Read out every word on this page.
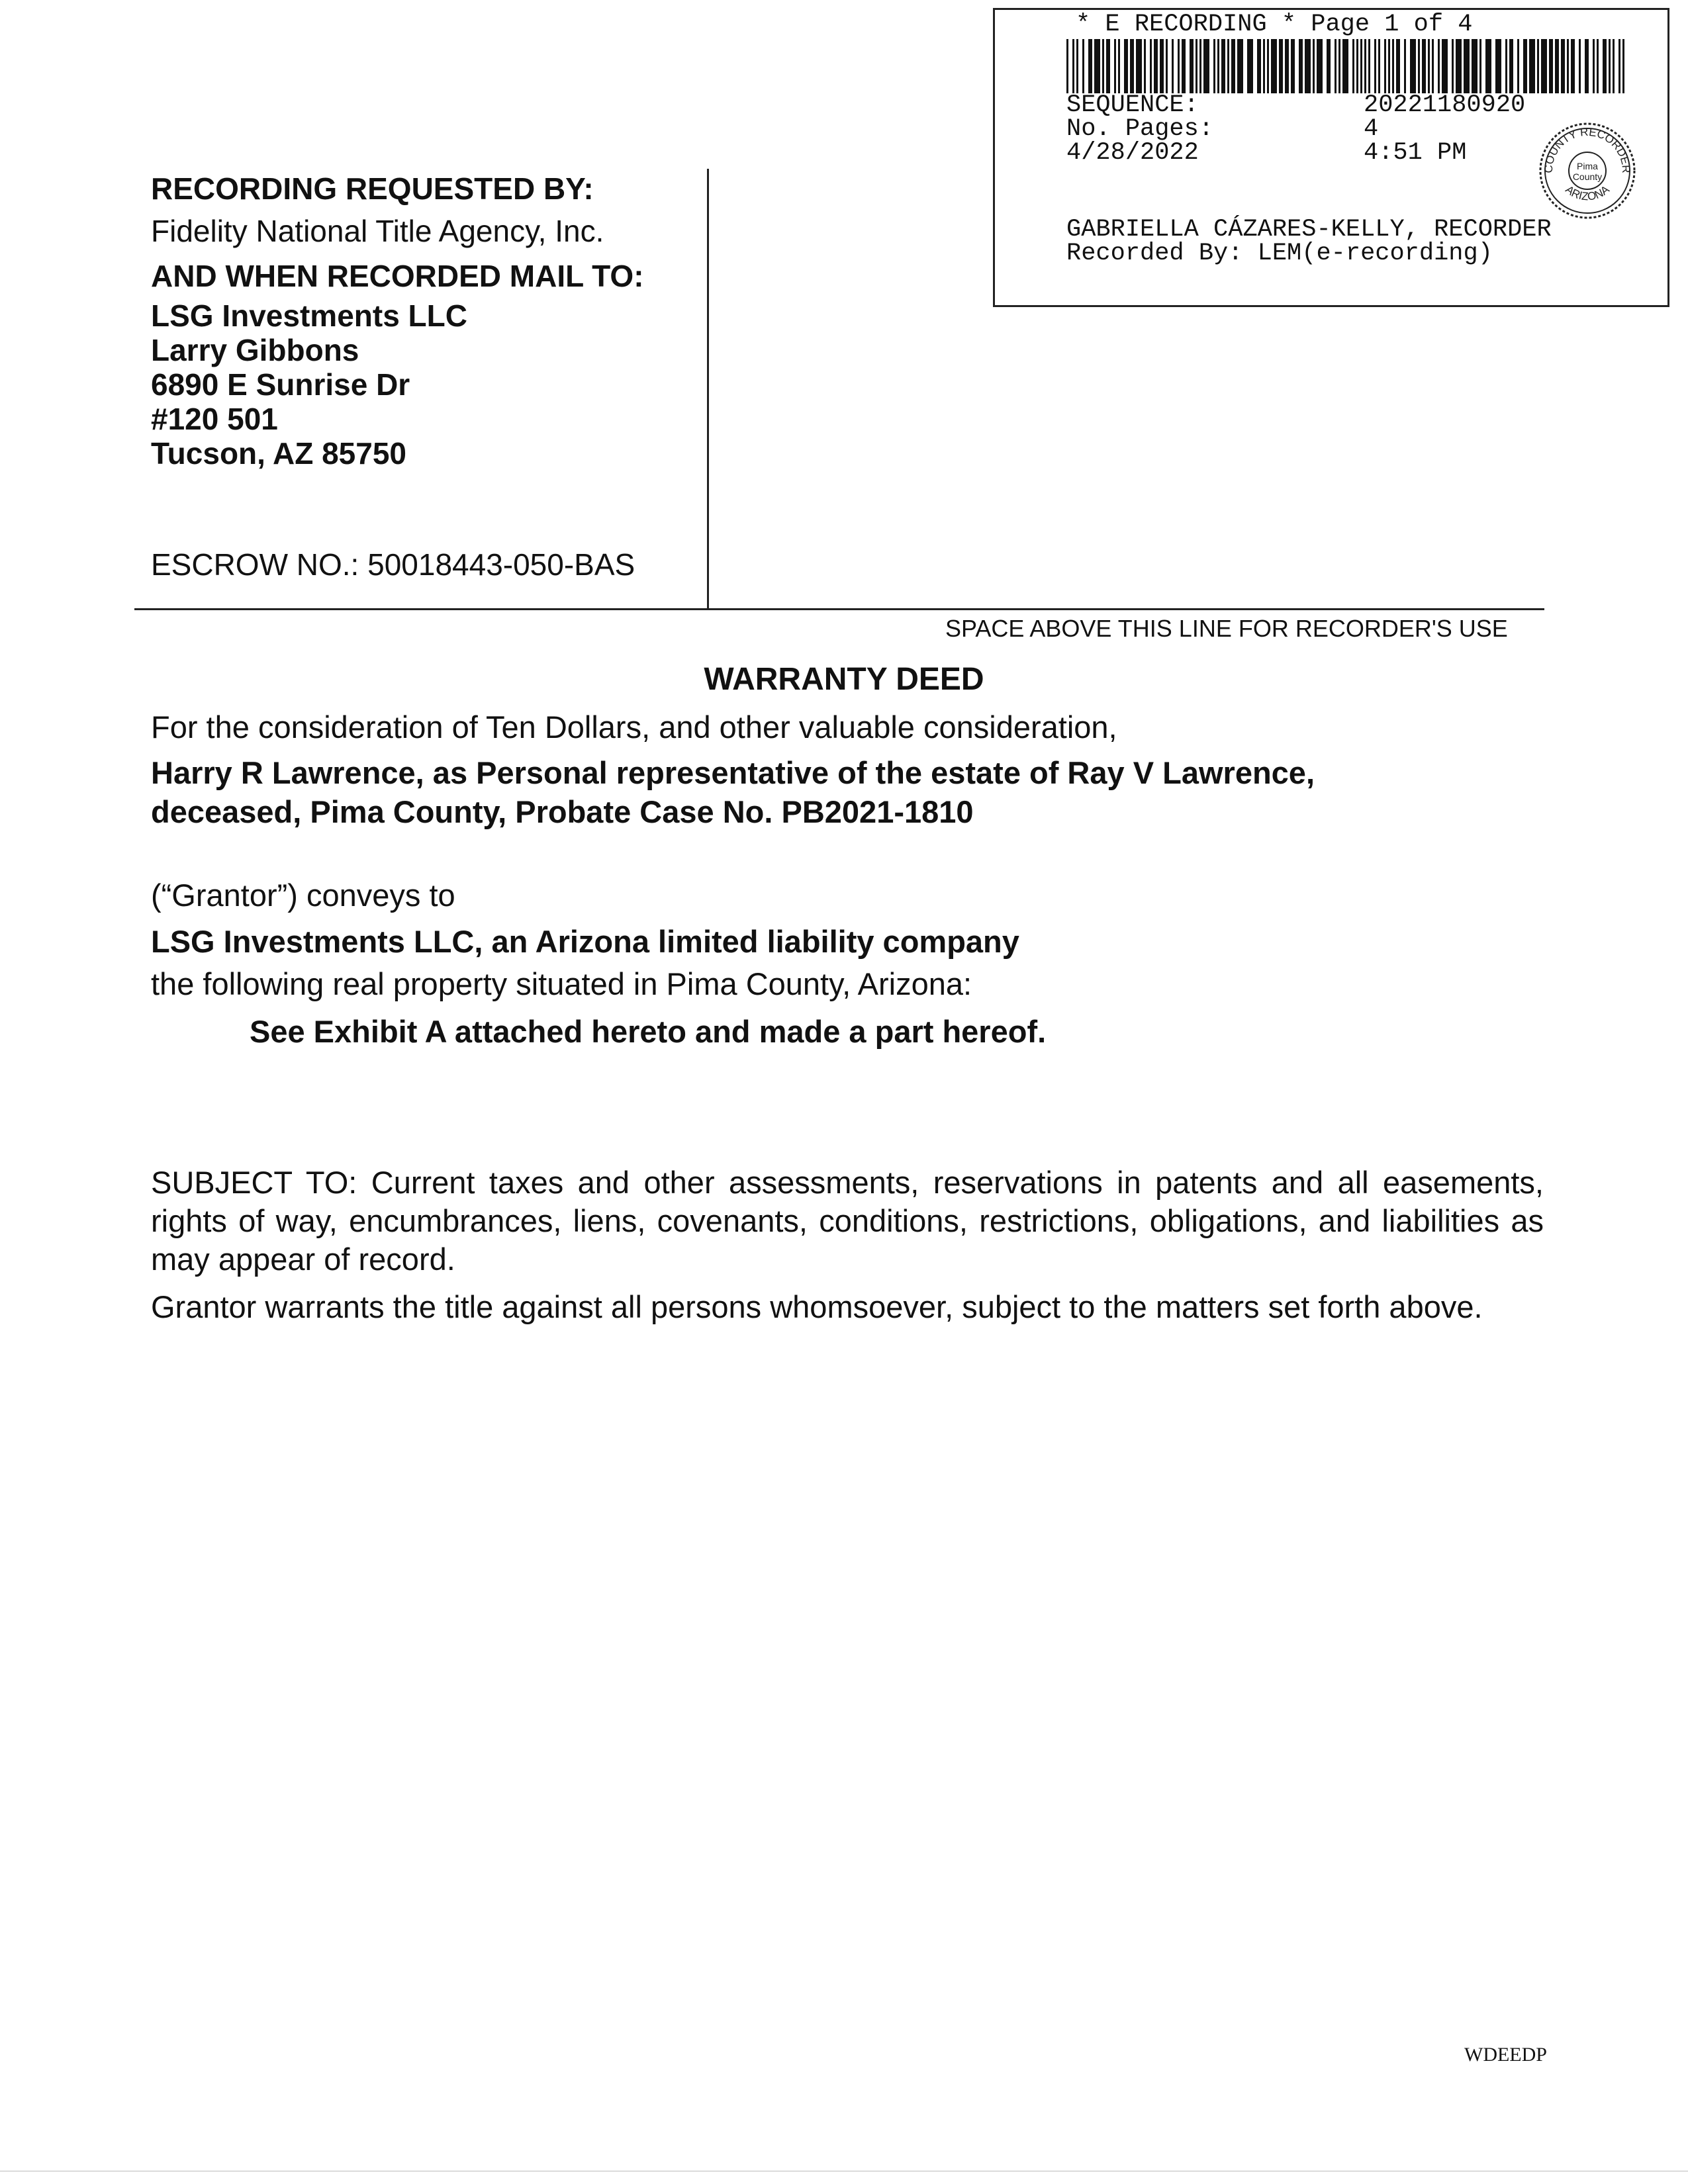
* E RECORDING * Page 1 of 4
SEQUENCE:	20221180920
No. Pages:	4
4/28/2022	4:51 PM
COUNTY RECORDER
ARIZONA
Pima
County
GABRIELLA CÁZARES-KELLY, RECORDER
Recorded By: LEM(e-recording)
RECORDING REQUESTED BY:
Fidelity National Title Agency, Inc.
AND WHEN RECORDED MAIL TO:
LSG Investments LLC
Larry Gibbons
6890 E Sunrise Dr
#120 501
Tucson, AZ 85750
ESCROW NO.: 50018443-050-BAS
SPACE ABOVE THIS LINE FOR RECORDER'S USE
WARRANTY DEED
For the consideration of Ten Dollars, and other valuable consideration,
Harry R Lawrence, as Personal representative of the estate of Ray V Lawrence,
deceased, Pima County, Probate Case No. PB2021-1810
(“Grantor”) conveys to
LSG Investments LLC, an Arizona limited liability company
the following real property situated in Pima County, Arizona:
See Exhibit A attached hereto and made a part hereof.
SUBJECT TO: Current taxes and other assessments, reservations in patents and all easements, rights of way, encumbrances, liens, covenants, conditions, restrictions, obligations, and liabilities as may appear of record.
Grantor warrants the title against all persons whomsoever, subject to the matters set forth above.
WDEEDP
